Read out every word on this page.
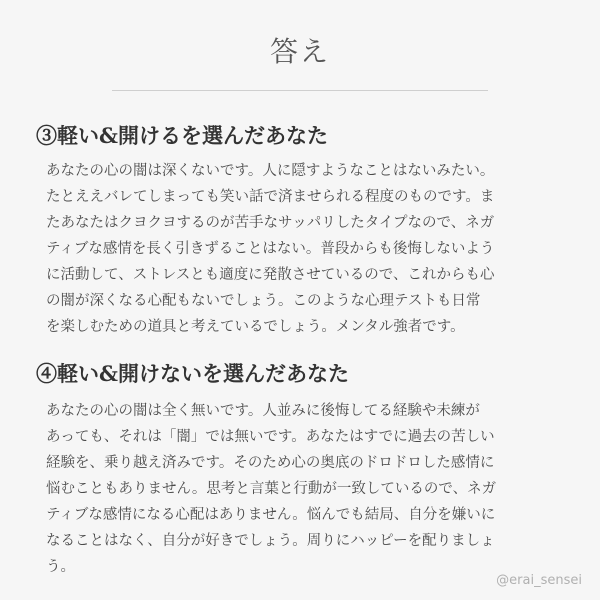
答え
③軽い&開けるを選んだあなた
あなたの心の闇は深くないです。人に隠すようなことはないみたい。
たとええバレてしまっても笑い話で済ませられる程度のものです。ま
たあなたはクヨクヨするのが苦手なサッパリしたタイプなので、ネガ
ティブな感情を長く引きずることはない。普段からも後悔しないよう
に活動して、ストレスとも適度に発散させているので、これからも心
の闇が深くなる心配もないでしょう。このような心理テストも日常
を楽しむための道具と考えているでしょう。メンタル強者です。
④軽い&開けないを選んだあなた
あなたの心の闇は全く無いです。人並みに後悔してる経験や未練が
あっても、それは「闇」では無いです。あなたはすでに過去の苦しい
経験を、乗り越え済みです。そのため心の奥底のドロドロした感情に
悩むこともありません。思考と言葉と行動が一致しているので、ネガ
ティブな感情になる心配はありません。悩んでも結局、自分を嫌いに
なることはなく、自分が好きでしょう。周りにハッピーを配りましょ
う。
@erai_sensei
